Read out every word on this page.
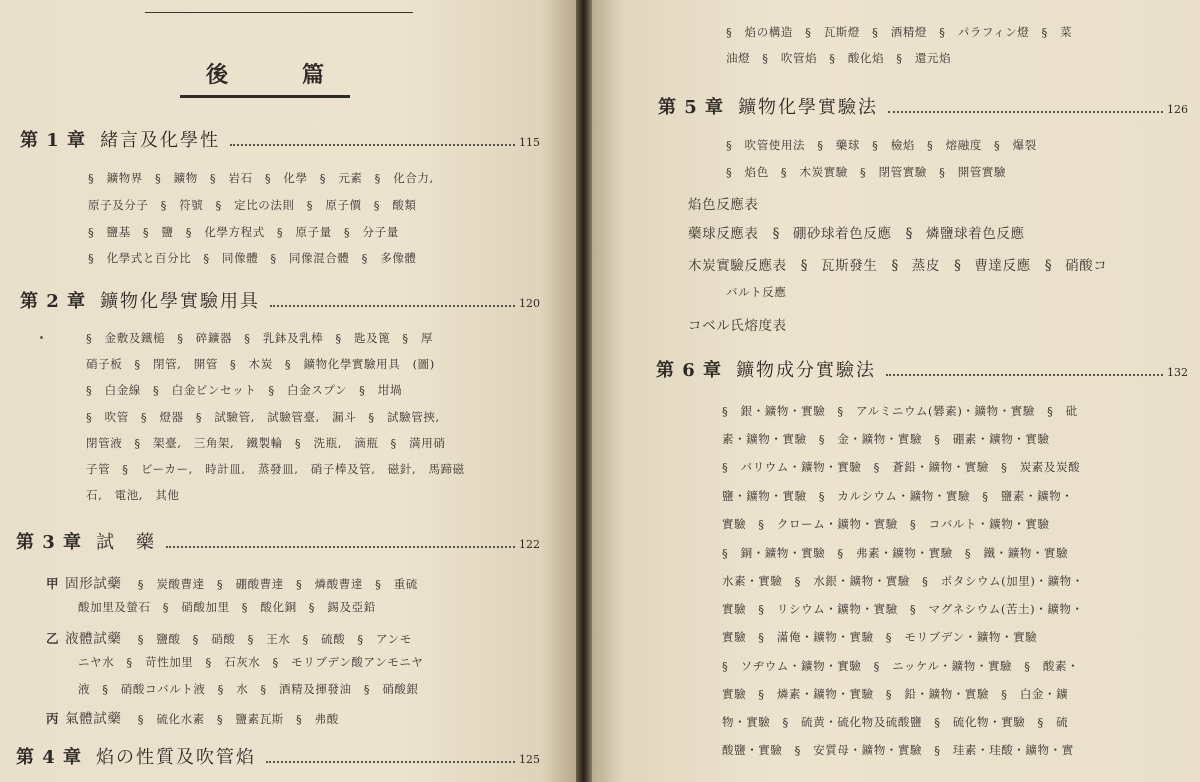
後　篇
第 1 章 緒言及化學性	115
§ 鑛物界　§ 鑛物　§ 岩石　§ 化學　§ 元素　§ 化合力,
原子及分子　§ 符號　§ 定比の法則　§ 原子價　§ 酸類
§ 鹽基　§ 鹽　§ 化學方程式　§ 原子量　§ 分子量
§ 化學式と百分比　§ 同像體　§ 同像混合體　§ 多像體
第 2 章 鑛物化學實驗用具	120
§ 金敷及鐵槌　§ 碎鑛器　§ 乳鉢及乳棒　§ 匙及篦　§ 厚
硝子板　§ 閉管, 開管　§ 木炭　§ 鑛物化學實驗用具 (圖)
§ 白金線　§ 白金ピンセット　§ 白金スプン　§ 坩堝
§ 吹管　§ 燈器　§ 試驗管, 試驗管臺, 漏斗　§ 試驗管挾,
閉管液　§ 架臺, 三角架, 鐵製輪　§ 洗瓶, 滴瓶　§ 満用硝
子管　§ ビーカー, 時計皿, 蒸發皿, 硝子棒及管, 磁針, 馬蹄磁
石, 電池, 其他
第 3 章 試　藥	122
甲 固形試藥 § 炭酸曹達　§ 硼酸曹達　§ 燐酸曹達　§ 重硫
酸加里及螢石　§ 硝酸加里　§ 酸化銅　§ 錫及亞鉛
乙 液體試藥 § 鹽酸　§ 硝酸　§ 王水　§ 硫酸　§ アンモ
ニヤ水　§ 苛性加里　§ 石灰水　§ モリブデン酸アンモニヤ
液　§ 硝酸コバルト液　§ 水　§ 酒精及揮發油　§ 硝酸銀
丙 氣體試藥 § 硫化水素　§ 鹽素瓦斯　§ 弗酸
第 4 章 焰の性質及吹管焰	125
§ 焰の構造　§ 瓦斯燈　§ 酒精燈　§ パラフィン燈　§ 菜
油燈　§ 吹管焰　§ 酸化焰　§ 還元焰
第 5 章 鑛物化學實驗法	126
§ 吹管使用法　§ 藥球　§ 檢焰　§ 熔融度　§ 爆裂
§ 焰色　§ 木炭實驗　§ 閉管實驗　§ 開管實驗
焰色反應表
藥球反應表　§ 硼砂球着色反應　§ 燐鹽球着色反應
木炭實驗反應表　§ 瓦斯發生　§ 蒸皮　§ 曹達反應　§ 硝酸コ
バルト反應
コベル氏熔度表
第 6 章 鑛物成分實驗法	132
§ 銀・鑛物・實驗　§ アルミニウム(礬素)・鑛物・實驗　§ 砒
素・鑛物・實驗　§ 金・鑛物・實驗　§ 硼素・鑛物・實驗
§ バリウム・鑛物・實驗　§ 蒼鉛・鑛物・實驗　§ 炭素及炭酸
鹽・鑛物・實驗　§ カルシウム・鑛物・實驗　§ 鹽素・鑛物・
實驗　§ クローム・鑛物・實驗　§ コバルト・鑛物・實驗
§ 銅・鑛物・實驗　§ 弗素・鑛物・實驗　§ 鐵・鑛物・實驗
水素・實驗　§ 水銀・鑛物・實驗　§ ポタシウム(加里)・鑛物・
實驗　§ リシウム・鑛物・實驗　§ マグネシウム(苦土)・鑛物・
實驗　§ 滿俺・鑛物・實驗　§ モリブデン・鑛物・實驗
§ ソヂウム・鑛物・實驗　§ ニッケル・鑛物・實驗　§ 酸素・
實驗　§ 燐素・鑛物・實驗　§ 鉛・鑛物・實驗　§ 白金・鑛
物・實驗　§ 硫黄・硫化物及硫酸鹽　§ 硫化物・實驗　§ 硫
酸鹽・實驗　§ 安質母・鑛物・實驗　§ 珪素・珪酸・鑛物・實
